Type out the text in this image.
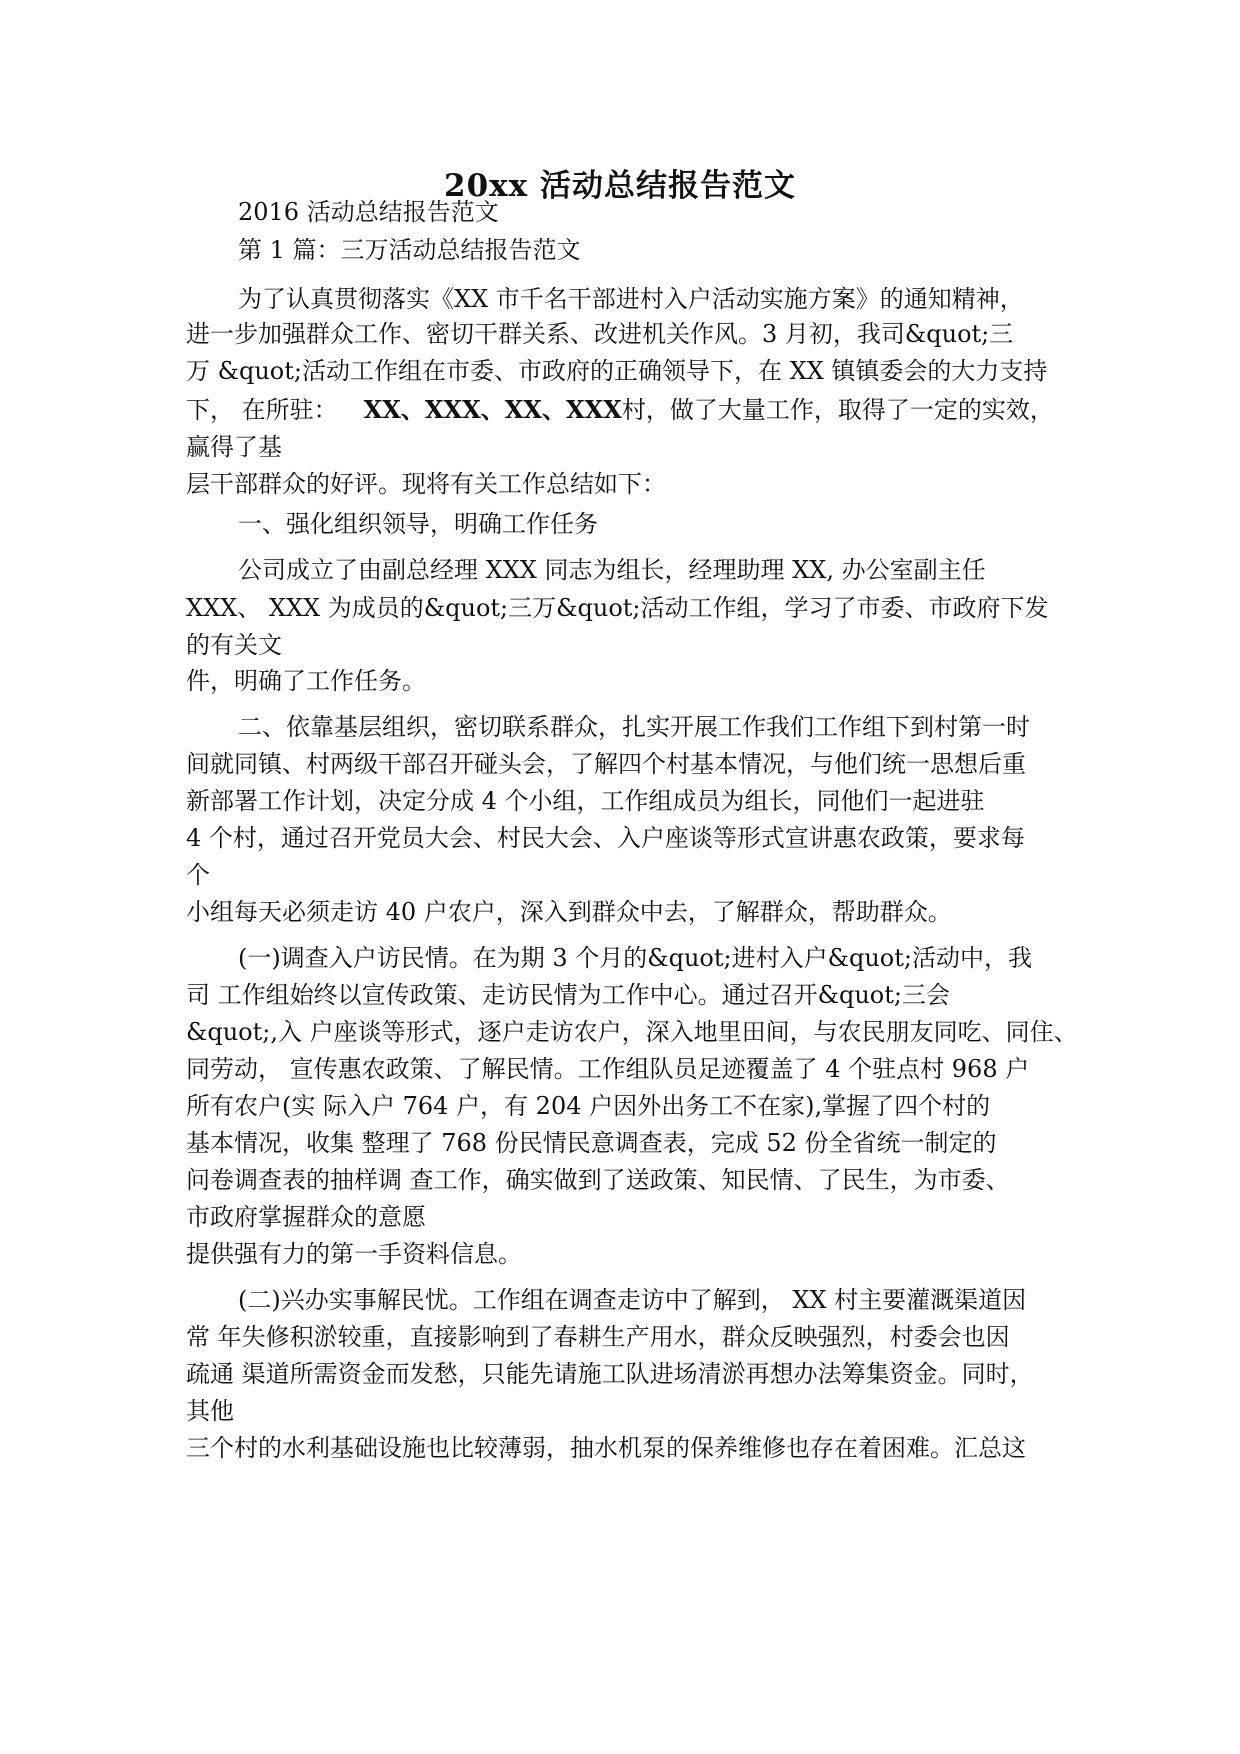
20xx 活动总结报告范文
2016 活动总结报告范文
第 1 篇：三万活动总结报告范文
为了认真贯彻落实《XX 市千名干部进村入户活动实施方案》的通知精神，
进一步加强群众工作、密切干群关系、改进机关作风。3 月初，我司&quot;三
万 &quot;活动工作组在市委、市政府的正确领导下，在 XX 镇镇委会的大力支持
下， 在所驻： XX、XXX、XX、XXX村，做了大量工作，取得了一定的实效，
赢得了基
层干部群众的好评。现将有关工作总结如下：
一、强化组织领导，明确工作任务
公司成立了由副总经理 XXX 同志为组长，经理助理 XX, 办公室副主任
XXX、 XXX 为成员的&quot;三万&quot;活动工作组，学习了市委、市政府下发
的有关文
件，明确了工作任务。
二、依靠基层组织，密切联系群众，扎实开展工作我们工作组下到村第一时
间就同镇、村两级干部召开碰头会，了解四个村基本情况，与他们统一思想后重
新部署工作计划，决定分成 4 个小组，工作组成员为组长，同他们一起进驻
4 个村，通过召开党员大会、村民大会、入户座谈等形式宣讲惠农政策，要求每
个
小组每天必须走访 40 户农户，深入到群众中去，了解群众，帮助群众。
(一)调查入户访民情。在为期 3 个月的&quot;进村入户&quot;活动中，我
司 工作组始终以宣传政策、走访民情为工作中心。通过召开&quot;三会
&quot;,入 户座谈等形式，逐户走访农户，深入地里田间，与农民朋友同吃、同住、
同劳动， 宣传惠农政策、了解民情。工作组队员足迹覆盖了 4 个驻点村 968 户
所有农户(实 际入户 764 户，有 204 户因外出务工不在家),掌握了四个村的
基本情况，收集 整理了 768 份民情民意调查表，完成 52 份全省统一制定的
问卷调查表的抽样调 查工作，确实做到了送政策、知民情、了民生，为市委、
市政府掌握群众的意愿
提供强有力的第一手资料信息。
(二)兴办实事解民忧。工作组在调查走访中了解到， XX 村主要灌溉渠道因
常 年失修积淤较重，直接影响到了春耕生产用水，群众反映强烈，村委会也因
疏通 渠道所需资金而发愁，只能先请施工队进场清淤再想办法筹集资金。同时，
其他
三个村的水利基础设施也比较薄弱，抽水机泵的保养维修也存在着困难。汇总这
